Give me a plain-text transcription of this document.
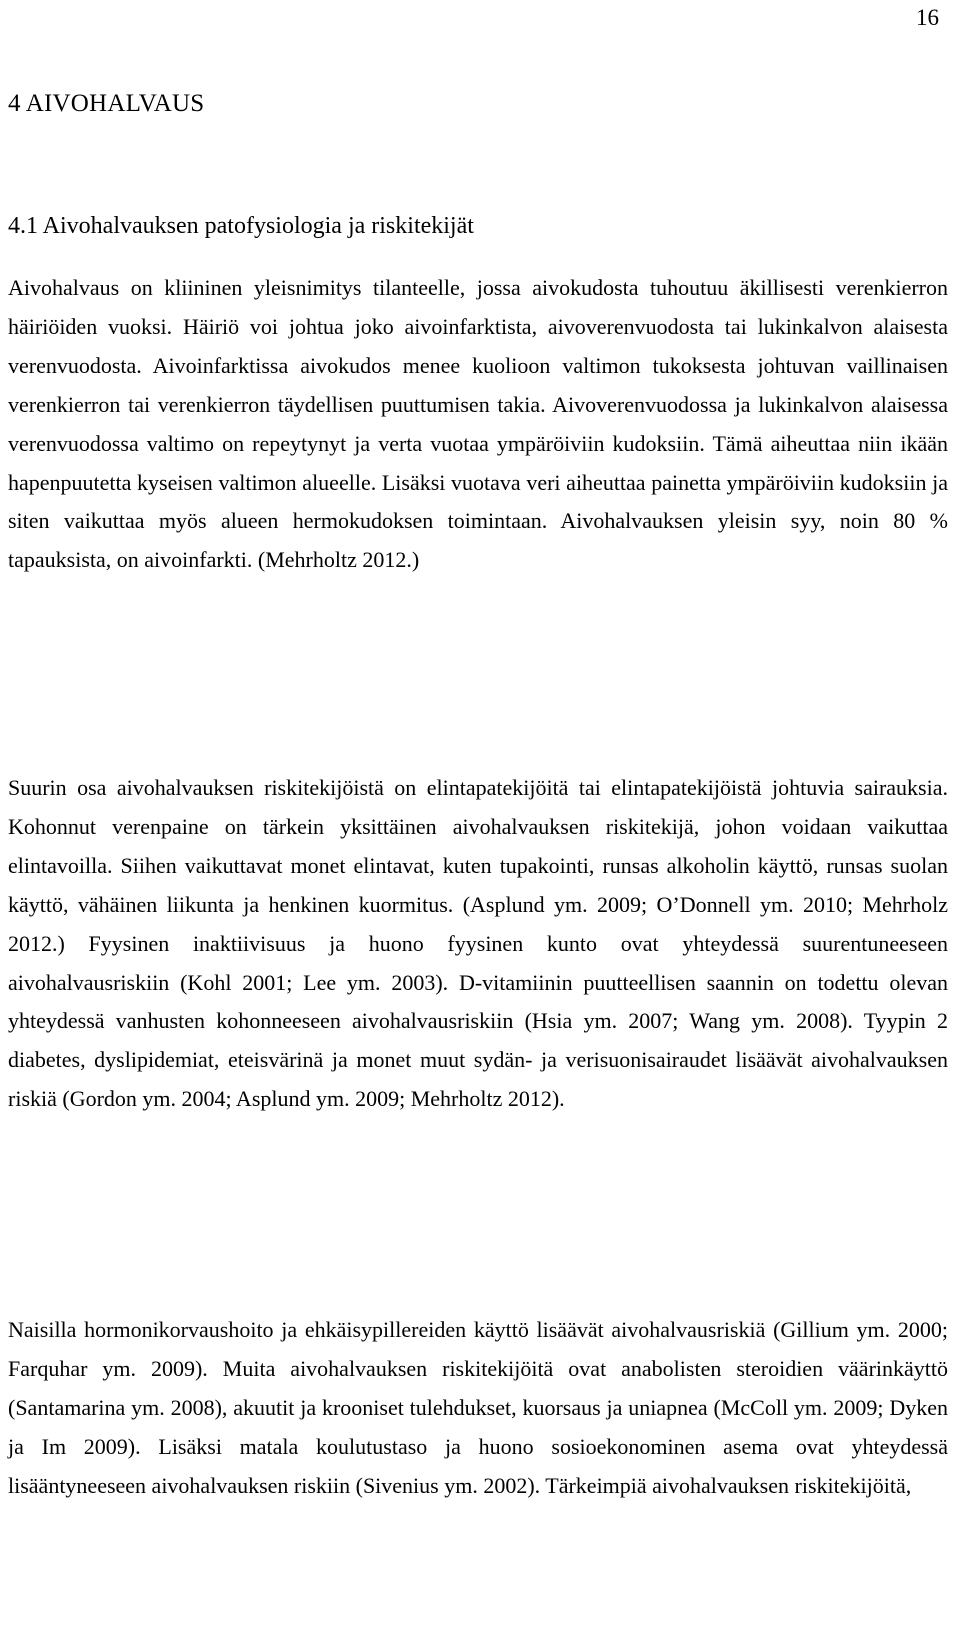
16
4 AIVOHALVAUS
4.1 Aivohalvauksen patofysiologia ja riskitekijät

Aivohalvaus on kliininen yleisnimitys tilanteelle, jossa aivokudosta tuhoutuu äkillisesti verenkierron häiriöiden vuoksi. Häiriö voi johtua joko aivoinfarktista, aivoverenvuodosta tai lukinkalvon alaisesta verenvuodosta. Aivoinfarktissa aivokudos menee kuolioon valtimon tukoksesta johtuvan vaillinaisen verenkierron tai verenkierron täydellisen puuttumisen takia. Aivoverenvuodossa ja lukinkalvon alaisessa verenvuodossa valtimo on repeytynyt ja verta vuotaa ympäröiviin kudoksiin. Tämä aiheuttaa niin ikään hapenpuutetta kyseisen valtimon alueelle. Lisäksi vuotava veri aiheuttaa painetta ympäröiviin kudoksiin ja siten vaikuttaa myös alueen hermokudoksen toimintaan. Aivohalvauksen yleisin syy, noin 80 % tapauksista, on aivoinfarkti. (Mehrholtz 2012.)

Suurin osa aivohalvauksen riskitekijöistä on elintapatekijöitä tai elintapatekijöistä johtuvia sairauksia. Kohonnut verenpaine on tärkein yksittäinen aivohalvauksen riskitekijä, johon voidaan vaikuttaa elintavoilla. Siihen vaikuttavat monet elintavat, kuten tupakointi, runsas alkoholin käyttö, runsas suolan käyttö, vähäinen liikunta ja henkinen kuormitus. (Asplund ym. 2009; O’Donnell ym. 2010; Mehrholz 2012.) Fyysinen inaktiivisuus ja huono fyysinen kunto ovat yhteydessä suurentuneeseen aivohalvausriskiin (Kohl 2001; Lee ym. 2003). D-vitamiinin puutteellisen saannin on todettu olevan yhteydessä vanhusten kohonneeseen aivohalvausriskiin (Hsia ym. 2007; Wang ym. 2008). Tyypin 2 diabetes, dyslipidemiat, eteisvärinä ja monet muut sydän- ja verisuonisairaudet lisäävät aivohalvauksen riskiä (Gordon ym. 2004; Asplund ym. 2009; Mehrholtz 2012).

Naisilla hormonikorvaushoito ja ehkäisypillereiden käyttö lisäävät aivohalvausriskiä (Gillium ym. 2000; Farquhar ym. 2009). Muita aivohalvauksen riskitekijöitä ovat anabolisten steroidien väärinkäyttö (Santamarina ym. 2008), akuutit ja krooniset tulehdukset, kuorsaus ja uniapnea (McColl ym. 2009; Dyken ja Im 2009). Lisäksi matala koulutustaso ja huono sosioekonominen asema ovat yhteydessä lisääntyneeseen aivohalvauksen riskiin (Sivenius ym. 2002). Tärkeimpiä aivohalvauksen riskitekijöitä,
